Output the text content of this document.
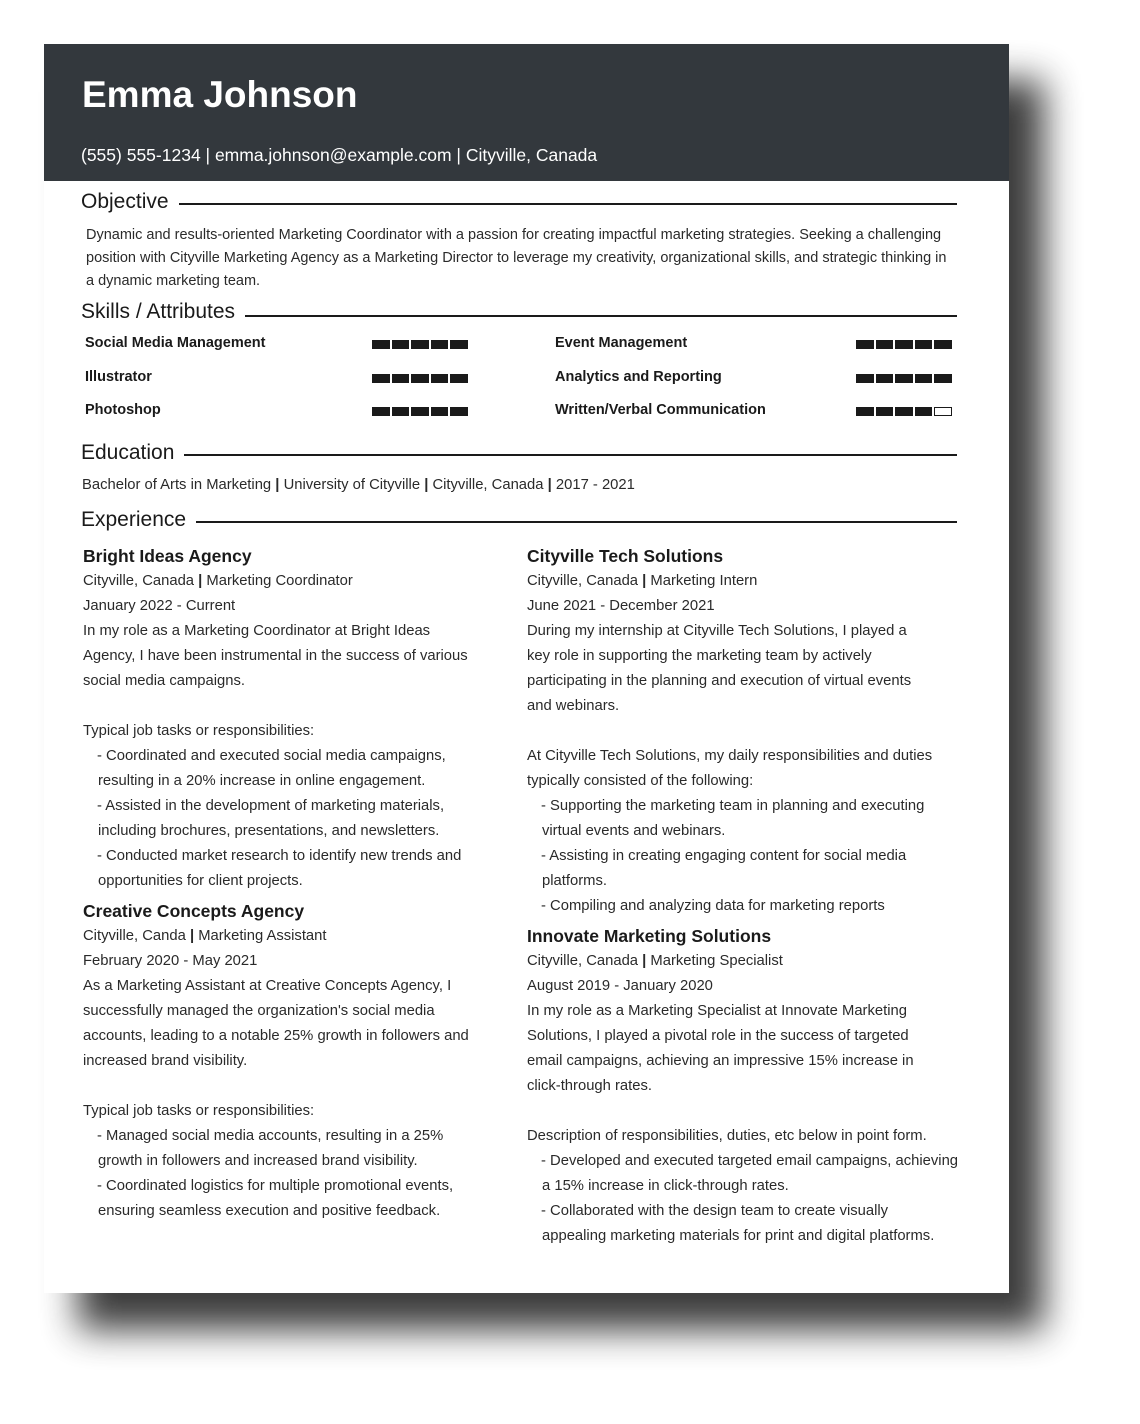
Emma Johnson
(555) 555-1234 | emma.johnson@example.com | Cityville, Canada
Objective
Dynamic and results-oriented Marketing Coordinator with a passion for creating impactful marketing strategies. Seeking a challenging position with Cityville Marketing Agency as a Marketing Director to leverage my creativity, organizational skills, and strategic thinking in a dynamic marketing team.
Skills / Attributes
Social Media Management	Event Management
Illustrator	Analytics and Reporting
Photoshop	Written/Verbal Communication
Education
Bachelor of Arts in Marketing | University of Cityville | Cityville, Canada | 2017 - 2021
Experience
Bright Ideas Agency
Cityville, Canada | Marketing Coordinator
January 2022 - Current
In my role as a Marketing Coordinator at Bright Ideas
Agency, I have been instrumental in the success of various
social media campaigns.
Typical job tasks or responsibilities:
- Coordinated and executed social media campaigns,
resulting in a 20% increase in online engagement.
- Assisted in the development of marketing materials,
including brochures, presentations, and newsletters.
- Conducted market research to identify new trends and
opportunities for client projects.
Creative Concepts Agency
Cityville, Canda | Marketing Assistant
February 2020 - May 2021
As a Marketing Assistant at Creative Concepts Agency, I
successfully managed the organization's social media
accounts, leading to a notable 25% growth in followers and
increased brand visibility.
Typical job tasks or responsibilities:
- Managed social media accounts, resulting in a 25%
growth in followers and increased brand visibility.
- Coordinated logistics for multiple promotional events,
ensuring seamless execution and positive feedback.
Cityville Tech Solutions
Cityville, Canada | Marketing Intern
June 2021 - December 2021
During my internship at Cityville Tech Solutions, I played a
key role in supporting the marketing team by actively
participating in the planning and execution of virtual events
and webinars.
At Cityville Tech Solutions, my daily responsibilities and duties
typically consisted of the following:
- Supporting the marketing team in planning and executing
virtual events and webinars.
- Assisting in creating engaging content for social media
platforms.
- Compiling and analyzing data for marketing reports
Innovate Marketing Solutions
Cityville, Canada | Marketing Specialist
August 2019 - January 2020
In my role as a Marketing Specialist at Innovate Marketing
Solutions, I played a pivotal role in the success of targeted
email campaigns, achieving an impressive 15% increase in
click-through rates.
Description of responsibilities, duties, etc below in point form.
- Developed and executed targeted email campaigns, achieving
a 15% increase in click-through rates.
- Collaborated with the design team to create visually
appealing marketing materials for print and digital platforms.
